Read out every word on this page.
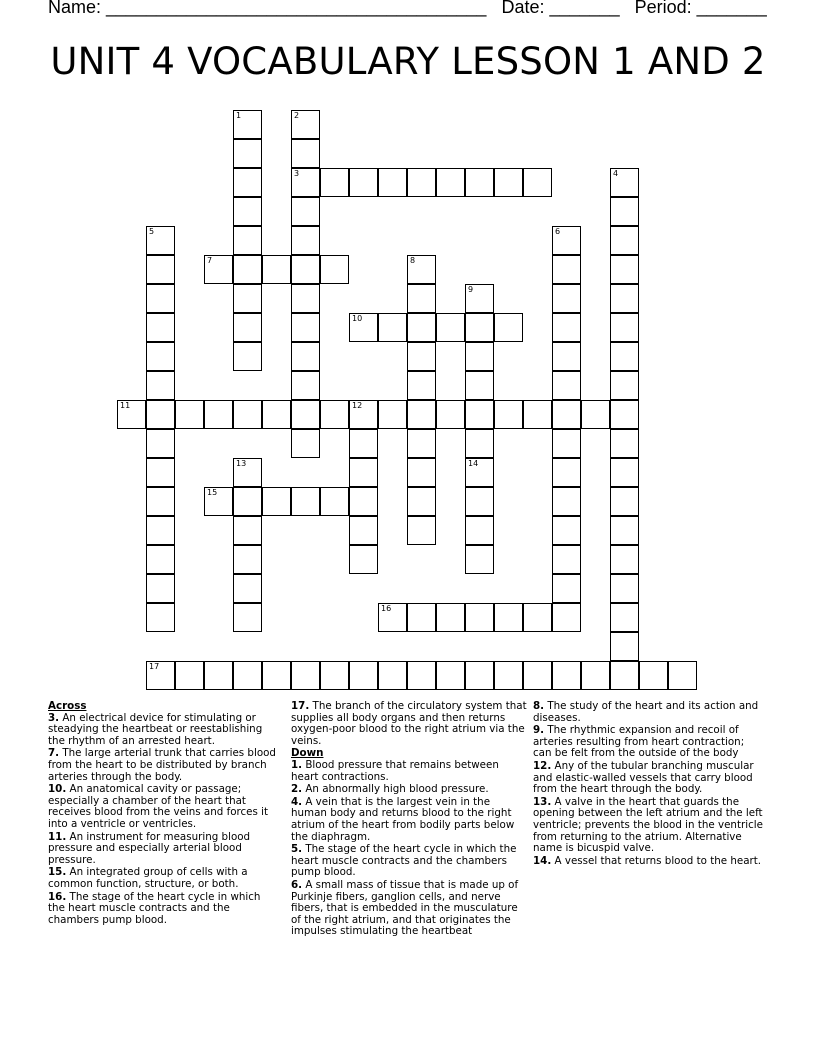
Name: ______________________________________ Date: _______ Period: _______
UNIT 4 VOCABULARY LESSON 1 AND 2
1	2
3	4
5	6
7	8
9
14
10
11	12
13
15
16
17
Across
3. An electrical device for stimulating or steadying the heartbeat or reestablishing the rhythm of an arrested heart.
7. The large arterial trunk that carries blood from the heart to be distributed by branch arteries through the body.
10. An anatomical cavity or passage; especially a chamber of the heart that receives blood from the veins and forces it into a ventricle or ventricles.
11. An instrument for measuring blood pressure and especially arterial blood pressure.
15. An integrated group of cells with a common function, structure, or both.
16. The stage of the heart cycle in which the heart muscle contracts and the chambers pump blood.
17. The branch of the circulatory system that supplies all body organs and then returns oxygen-poor blood to the right atrium via the veins.
Down
1. Blood pressure that remains between heart contractions.
2. An abnormally high blood pressure.
4. A vein that is the largest vein in the human body and returns blood to the right atrium of the heart from bodily parts below the diaphragm.
5. The stage of the heart cycle in which the heart muscle contracts and the chambers pump blood.
6. A small mass of tissue that is made up of Purkinje fibers, ganglion cells, and nerve fibers, that is embedded in the musculature of the right atrium, and that originates the impulses stimulating the heartbeat
8. The study of the heart and its action and diseases.
9. The rhythmic expansion and recoil of arteries resulting from heart contraction; can be felt from the outside of the body
12. Any of the tubular branching muscular and elastic-walled vessels that carry blood from the heart through the body.
13. A valve in the heart that guards the opening between the left atrium and the left ventricle; prevents the blood in the ventricle from returning to the atrium. Alternative name is bicuspid valve.
14. A vessel that returns blood to the heart.
